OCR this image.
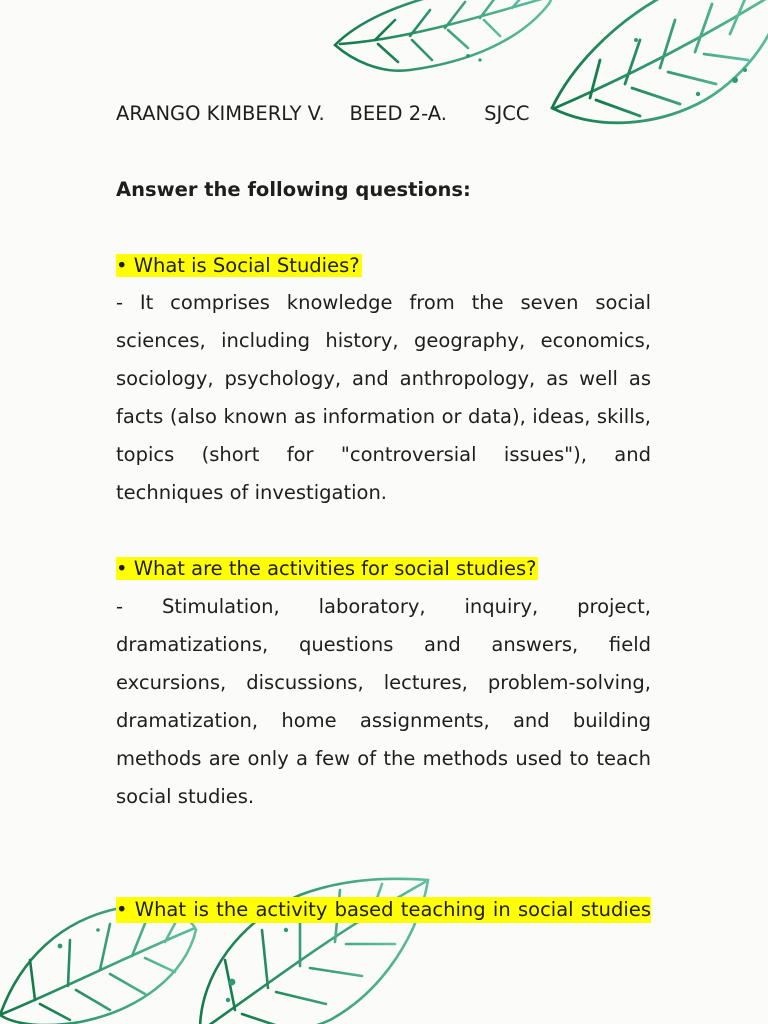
ARANGO KIMBERLY V. BEED 2-A. SJCC
Answer the following questions:
• What is Social Studies?
- It comprises knowledge from the seven social sciences, including history, geography, economics, sociology, psychology, and anthropology, as well as facts (also known as information or data), ideas, skills, topics (short for "controversial issues"), and techniques of investigation.
• What are the activities for social studies?
- Stimulation, laboratory, inquiry, project, dramatizations, questions and answers, field excursions, discussions, lectures, problem-solving, dramatization, home assignments, and building methods are only a few of the methods used to teach social studies.
• What is the activity based teaching in social studies
